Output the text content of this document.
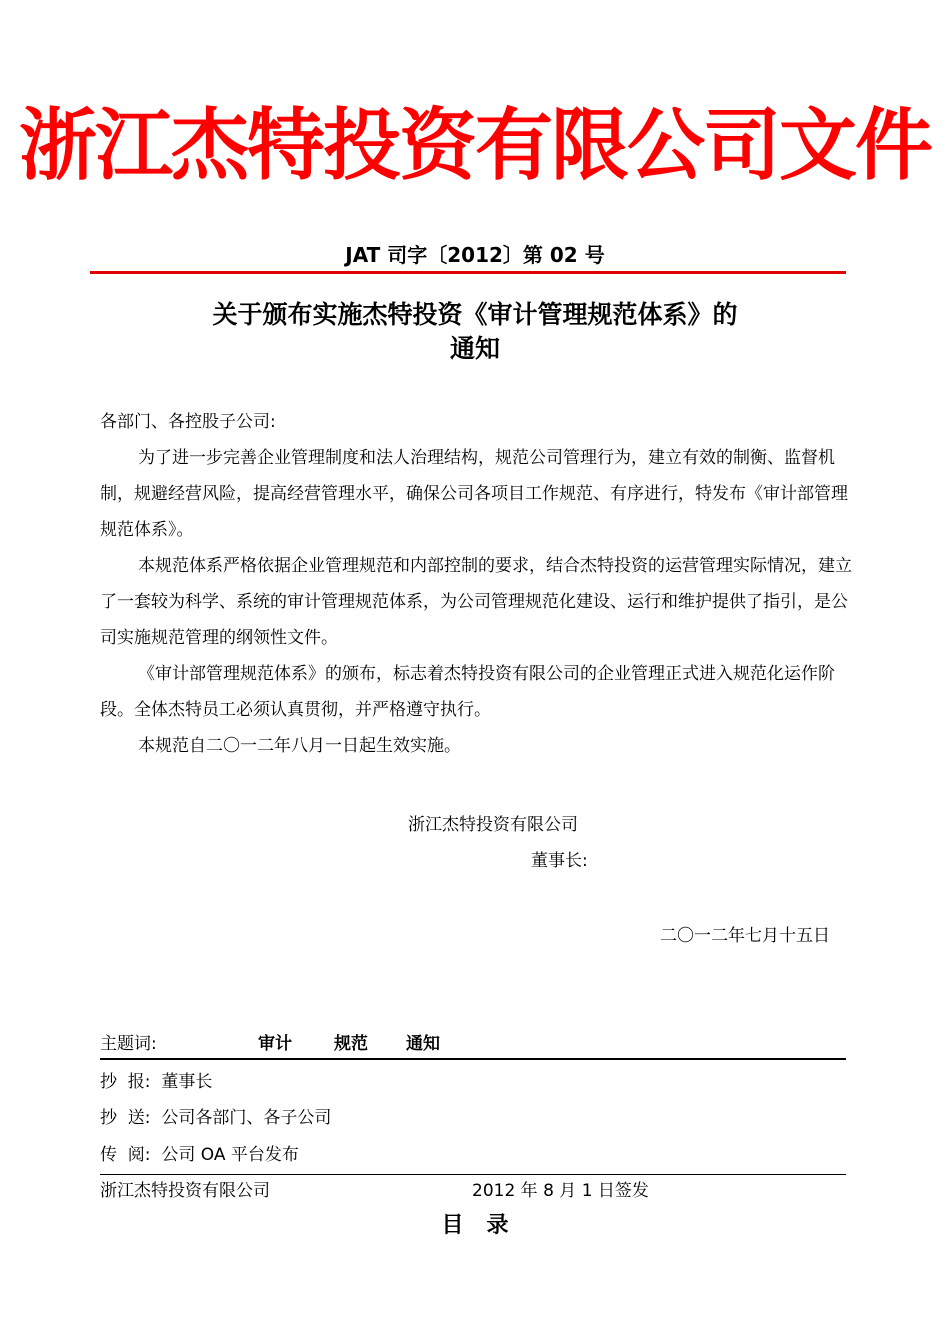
浙江杰特投资有限公司文件
JAT 司字〔2012〕第 02 号
关于颁布实施杰特投资《审计管理规范体系》的
通知

各部门、各控股子公司:

为了进一步完善企业管理制度和法人治理结构，规范公司管理行为，建立有效的制衡、监督机制，规避经营风险，提高经营管理水平，确保公司各项目工作规范、有序进行，特发布《审计部管理规范体系》。

本规范体系严格依据企业管理规范和内部控制的要求，结合杰特投资的运营管理实际情况，建立了一套较为科学、系统的审计管理规范体系，为公司管理规范化建设、运行和维护提供了指引，是公司实施规范管理的纲领性文件。

《审计部管理规范体系》的颁布，标志着杰特投资有限公司的企业管理正式进入规范化运作阶段。全体杰特员工必须认真贯彻，并严格遵守执行。

本规范自二〇一二年八月一日起生效实施。

浙江杰特投资有限公司
董事长:
二〇一二年七月十五日
主题词:	审计 规范 通知
抄  报:  董事长
抄  送:  公司各部门、各子公司
传  阅:  公司 OA 平台发布
浙江杰特投资有限公司	2012 年 8 月 1 日签发
目   录
